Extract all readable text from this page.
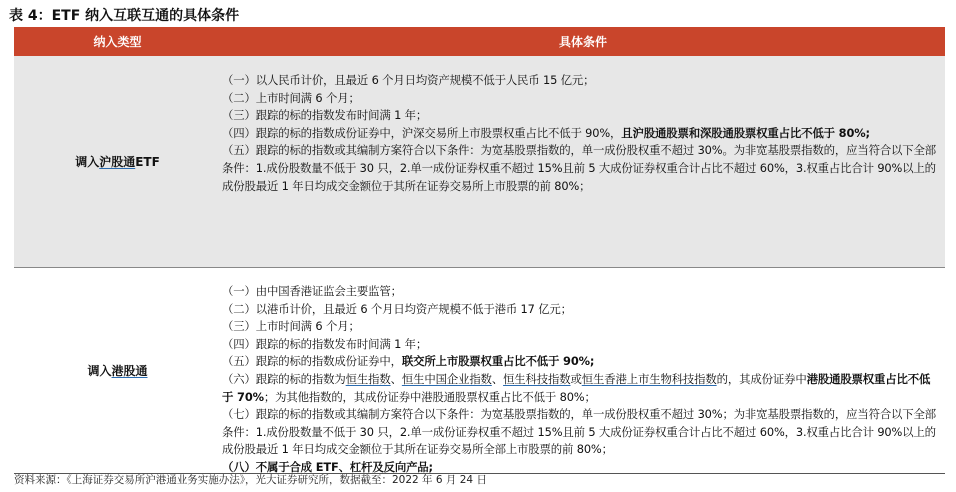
表 4：ETF 纳入互联互通的具体条件
纳入类型	具体条件
调入 沪股通 ETF

（一）以人民币计价，且最近 6 个月日均资产规模不低于人民币 15 亿元；

（二）上市时间满 6 个月；

（三）跟踪的标的指数发布时间满 1 年；

（四）跟踪的标的指数成份证券中，沪深交易所上市股票权重占比不低于 90%，且沪股通股票和深股通股票权重占比不低于 80%;

（五）跟踪的标的指数或其编制方案符合以下条件：为宽基股票指数的，单一成份股权重不超过 30%。为非宽基股票指数的，应当符合以下全部条件：1.成份股数量不低于 30 只，2.单一成份证券权重不超过 15%且前 5 大成份证券权重合计占比不超过 60%，3.权重占比合计 90%以上的成份股最近 1 年日均成交金额位于其所在证券交易所上市股票的前 80%；

调入 港股通

（一）由中国香港证监会主要监管；

（二）以港币计价，且最近 6 个月日均资产规模不低于港币 17 亿元；

（三）上市时间满 6 个月；

（四）跟踪的标的指数发布时间满 1 年；

（五）跟踪的标的指数成份证券中，联交所上市股票权重占比不低于 90%;

（六）跟踪的标的指数为恒生指数、恒生中国企业指数、恒生科技指数或恒生香港上市生物科技指数的，其成份证券中港股通股票权重占比不低于 70%；为其他指数的，其成份证券中港股通股票权重占比不低于 80%；

（七）跟踪的标的指数或其编制方案符合以下条件：为宽基股票指数的，单一成份股权重不超过 30%；为非宽基股票指数的，应当符合以下全部条件：1.成份股数量不低于 30 只，2.单一成份证券权重不超过 15%且前 5 大成份证券权重合计占比不超过 60%，3.权重占比合计 90%以上的成份股最近 1 年日均成交金额位于其所在证券交易所全部上市股票的前 80%；

（八）不属于合成 ETF、杠杆及反向产品;

资料来源：《上海证券交易所沪港通业务实施办法》，光大证券研究所，数据截至：2022 年 6 月 24 日
